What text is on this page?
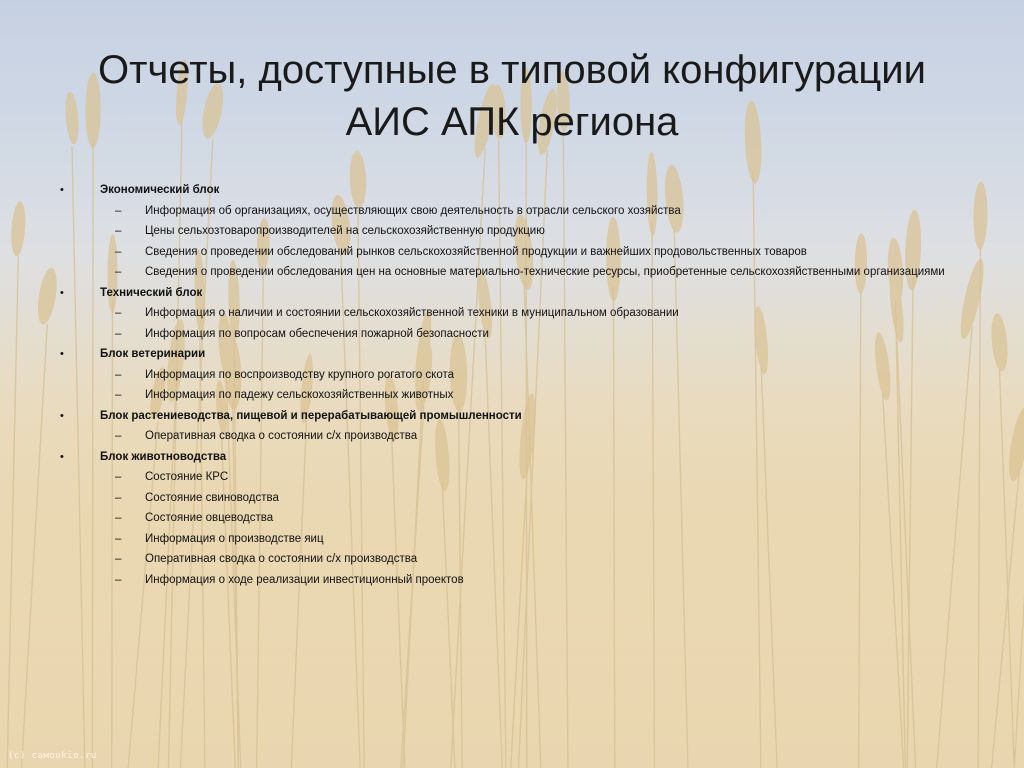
Отчеты, доступные в типовой конфигурации
АИС АПК региона
•	Экономический блок
– Информация об организациях, осуществляющих свою деятельность в отрасли сельского хозяйства
– Цены сельхозтоваропроизводителей на сельскохозяйственную продукцию
– Сведения о проведении обследований рынков сельскохозяйственной продукции и важнейших продовольственных товаров
– Сведения о проведении обследования цен на основные материально-технические ресурсы, приобретенные сельскохозяйственными организациями
•	Технический блок
– Информация о наличии и состоянии сельскохозяйственной техники в муниципальном образовании
– Информация по вопросам обеспечения пожарной безопасности
•	Блок ветеринарии
– Информация по воспроизводству крупного рогатого скота
– Информация по падежу сельскохозяйственных животных
•	Блок растениеводства, пищевой и перерабатывающей промышленности
– Оперативная сводка о состоянии с/х производства
•	Блок животноводства
– Состояние КРС
– Состояние свиноводства
– Состояние овцеводства
– Информация о производстве яиц
– Оперативная сводка о состоянии с/х производства
– Информация о ходе реализации инвестиционный проектов
(c) самоokio.ru
